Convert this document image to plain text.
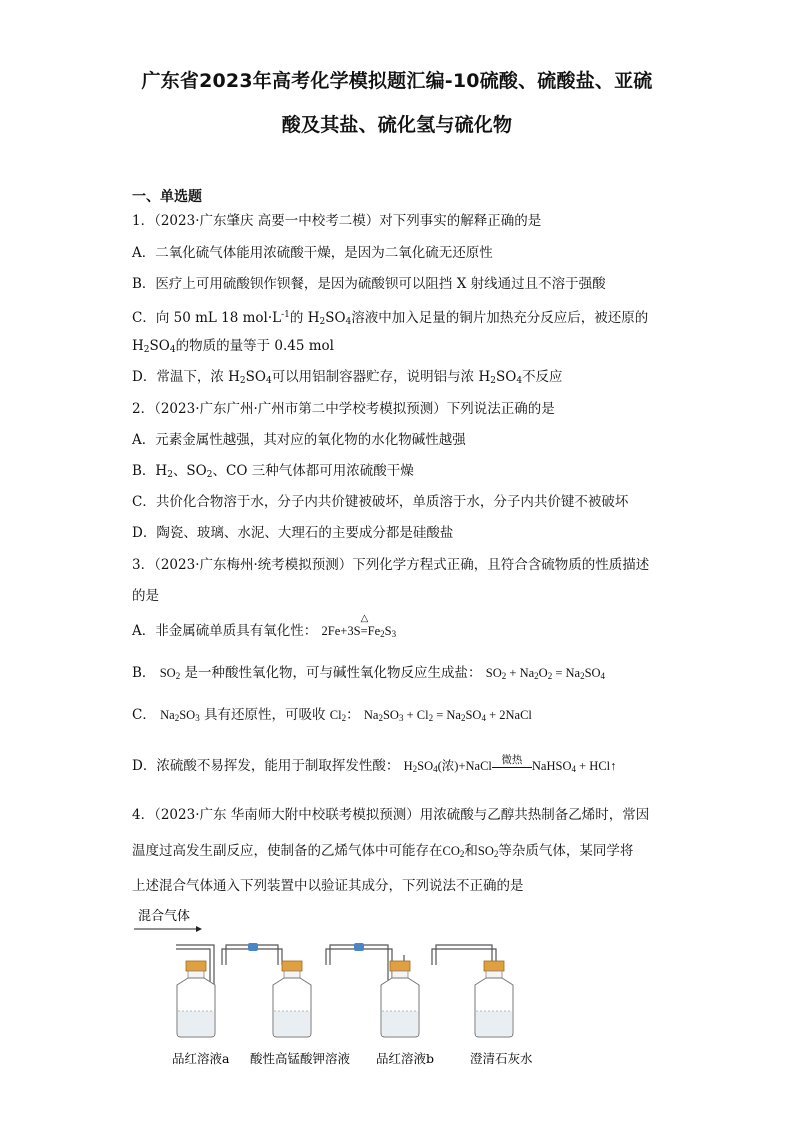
广东省2023年高考化学模拟题汇编-10硫酸、硫酸盐、亚硫
酸及其盐、硫化氢与硫化物
一、单选题
1．（2023·广东肇庆 高要一中校考二模）对下列事实的解释正确的是
A．二氧化硫气体能用浓硫酸干燥，是因为二氧化硫无还原性
B．医疗上可用硫酸钡作钡餐，是因为硫酸钡可以阻挡 X 射线通过且不溶于强酸
C．向 50 mL 18 $mol\cdot L^{-1}$的 $H_2SO_4$溶液中加入足量的铜片加热充分反应后，被还原的
$H_2SO_4$的物质的量等于 0.45 mol
D．常温下，浓 $H_2SO_4$可以用铝制容器贮存，说明铝与浓 $H_2SO_4$不反应
2．（2023·广东广州·广州市第二中学校考模拟预测）下列说法正确的是
A．元素金属性越强，其对应的氧化物的水化物碱性越强
B．$H_2$、$SO_2$、CO 三种气体都可用浓硫酸干燥
C．共价化合物溶于水，分子内共价键被破坏，单质溶于水，分子内共价键不被破坏
D．陶瓷、玻璃、水泥、大理石的主要成分都是硅酸盐
3．（2023·广东梅州·统考模拟预测）下列化学方程式正确，且符合含硫物质的性质描述
的是
A．非金属硫单质具有氧化性： 2Fe+3S
△
$=Fe_2S_3$
B． $SO_2$ 是一种酸性氧化物，可与碱性氧化物反应生成盐： $SO_2 + Na_2O_2 = Na_2SO_4$
C． $Na_2SO_3$ 具有还原性，可吸收 $Cl_2$： $Na_2SO_3 + Cl_2 = Na_2SO_4$ + 2NaCl
D．浓硫酸不易挥发，能用于制取挥发性酸： $H_2SO_4$(浓)+NaCl 微热 NaHSO$_4$ + HCl↑
4．（2023·广东 华南师大附中校联考模拟预测）用浓硫酸与乙醇共热制备乙烯时，常因
温度过高发生副反应，使制备的乙烯气体中可能存在$CO_2$和$SO_2$等杂质气体，某同学将
上述混合气体通入下列装置中以验证其成分，下列说法不正确的是
混合气体
品红溶液a 酸性高锰酸钾溶液 品红溶液b	澄清石灰水
